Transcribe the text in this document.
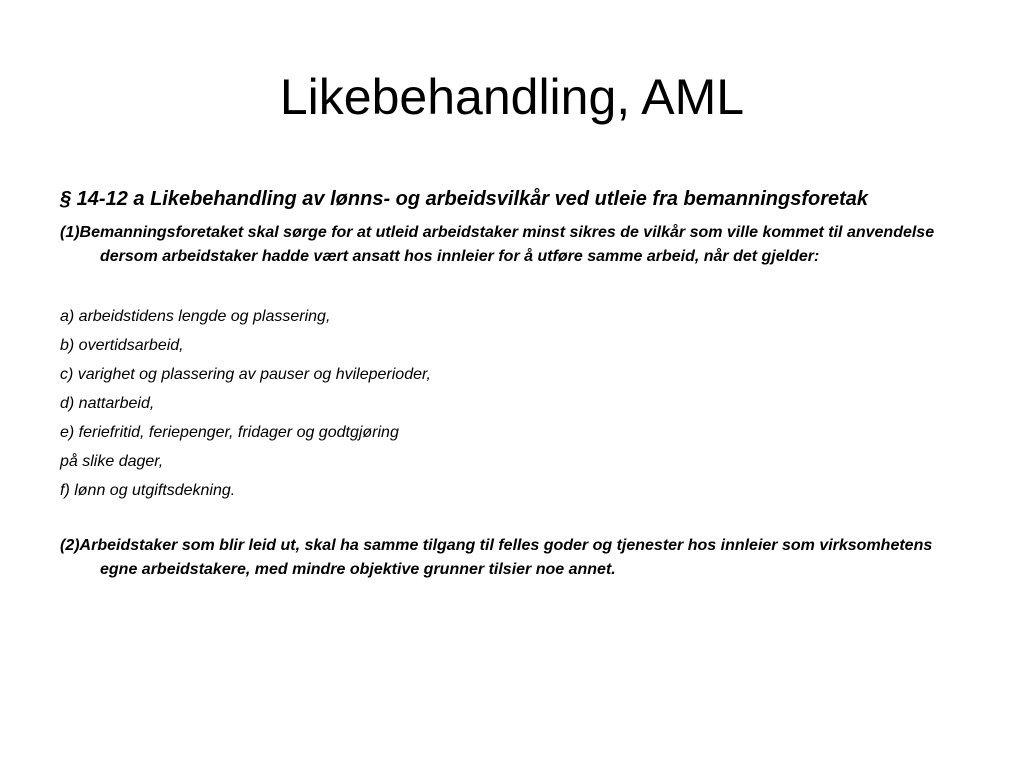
Likebehandling, AML

§ 14-12 a Likebehandling av lønns- og arbeidsvilkår ved utleie fra bemanningsforetak

(1)Bemanningsforetaket skal sørge for at utleid arbeidstaker minst sikres de vilkår som ville kommet til anvendelse dersom arbeidstaker hadde vært ansatt hos innleier for å utføre samme arbeid, når det gjelder:

a) arbeidstidens lengde og plassering,

b) overtidsarbeid,

c) varighet og plassering av pauser og hvileperioder,

d) nattarbeid,

e) feriefritid, feriepenger, fridager og godtgjøring

på slike dager,

f) lønn og utgiftsdekning.

(2)Arbeidstaker som blir leid ut, skal ha samme tilgang til felles goder og tjenester hos innleier som virksomhetens egne arbeidstakere, med mindre objektive grunner tilsier noe annet.
